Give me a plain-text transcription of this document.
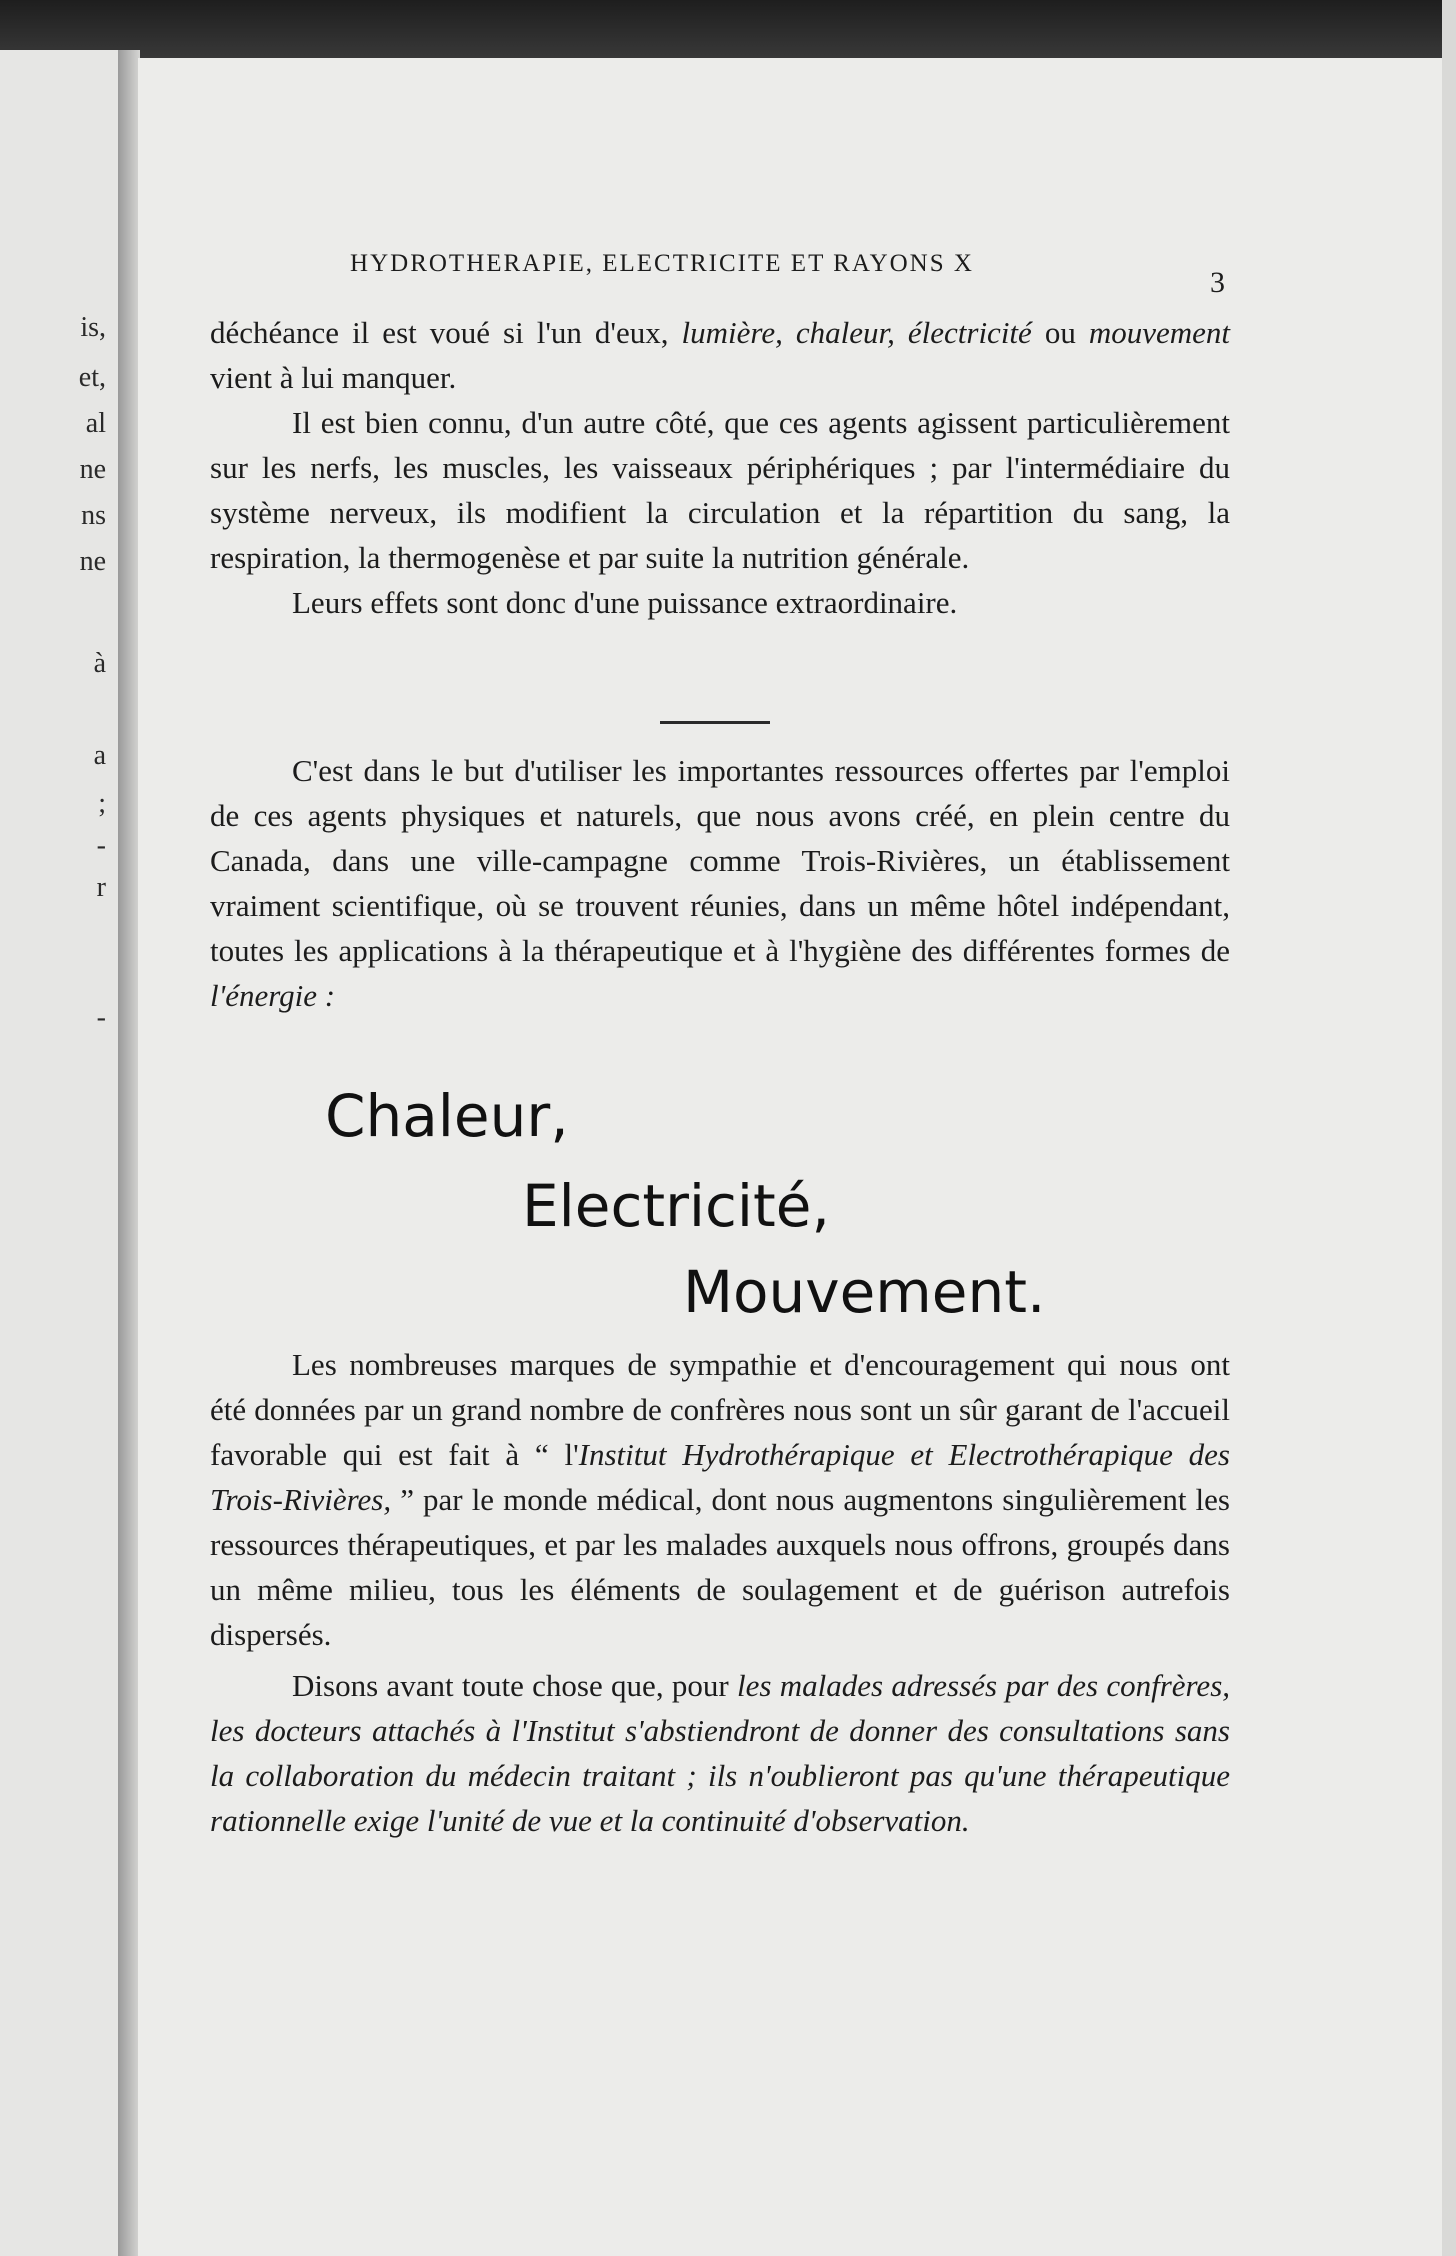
is,
et,
al
ne
ns
ne
à
a
;
-
r
-
HYDROTHERAPIE, ELECTRICITE ET RAYONS X
3

déchéance il est voué si l'un d'eux, lumière, chaleur, électricité ou mouvement vient à lui manquer.

Il est bien connu, d'un autre côté, que ces agents agissent particulièrement sur les nerfs, les muscles, les vaisseaux périphériques ; par l'intermédiaire du système nerveux, ils modifient la circulation et la répartition du sang, la respiration, la thermogenèse et par suite la nutrition générale.

Leurs effets sont donc d'une puissance extraordinaire.

C'est dans le but d'utiliser les importantes ressources offertes par l'emploi de ces agents physiques et naturels, que nous avons créé, en plein centre du Canada, dans une ville-campagne comme Trois-Rivières, un établissement vraiment scientifique, où se trouvent réunies, dans un même hôtel indépendant, toutes les applications à la thérapeutique et à l'hygiène des différentes formes de l'énergie :

Chaleur,
Electricité,
Mouvement.

Les nombreuses marques de sympathie et d'encouragement qui nous ont été données par un grand nombre de confrères nous sont un sûr garant de l'accueil favorable qui est fait à “ l'Institut Hydrothérapique et Electrothérapique des Trois-Rivières, ” par le monde médical, dont nous augmentons singulièrement les ressources thérapeutiques, et par les malades auxquels nous offrons, groupés dans un même milieu, tous les éléments de soulagement et de guérison autrefois dispersés.

Disons avant toute chose que, pour les malades adressés par des confrères, les docteurs attachés à l'Institut s'abstiendront de donner des consultations sans la collaboration du médecin traitant ; ils n'oublieront pas qu'une thérapeutique rationnelle exige l'unité de vue et la continuité d'observation.
